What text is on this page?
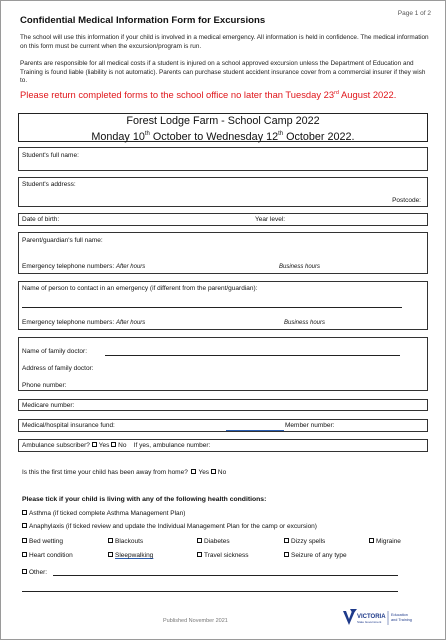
Page 1 of 2
Confidential Medical Information Form for Excursions
The school will use this information if your child is involved in a medical emergency. All information is held in confidence. The medical information on this form must be current when the excursion/program is run.
Parents are responsible for all medical costs if a student is injured on a school approved excursion unless the Department of Education and Training is found liable (liability is not automatic). Parents can purchase student accident insurance cover from a commercial insurer if they wish to.
Please return completed forms to the school office no later than Tuesday 23rd August 2022.
Forest Lodge Farm - School Camp 2022
Monday 10th October to Wednesday 12th October 2022.
Student's full name:
Student's address:
Postcode:
Date of birth:	Year level:
Parent/guardian's full name:
Emergency telephone numbers: After hours	Business hours
Name of person to contact in an emergency (if different from the parent/guardian):
Emergency telephone numbers: After hours	Business hours
Name of family doctor:
Address of family doctor:
Phone number:
Medicare number:
Medical/hospital insurance fund:	Member number:
Ambulance subscriber? Yes No If yes, ambulance number:
Is this the first time your child has been away from home? Yes No
Please tick if your child is living with any of the following health conditions:
Asthma (if ticked complete Asthma Management Plan)
Anaphylaxis (if ticked review and update the Individual Management Plan for the camp or excursion)
Bed wetting	Blackouts	Diabetes	Dizzy spells	Migraine
Heart condition	Sleepwalking	Travel sickness	Seizure of any type
Other:
Published November 2021
VICTORIA
State Government
Education
and Training
